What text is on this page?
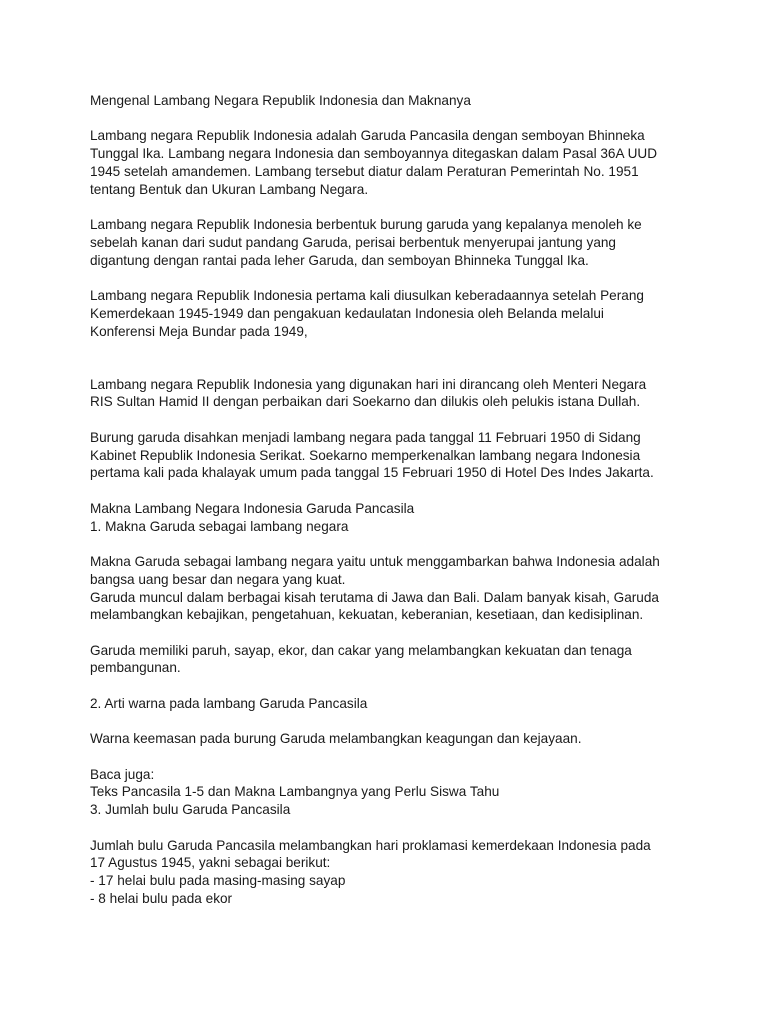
Mengenal Lambang Negara Republik Indonesia dan Maknanya
Lambang negara Republik Indonesia adalah Garuda Pancasila dengan semboyan Bhinneka
Tunggal Ika. Lambang negara Indonesia dan semboyannya ditegaskan dalam Pasal 36A UUD
1945 setelah amandemen. Lambang tersebut diatur dalam Peraturan Pemerintah No. 1951
tentang Bentuk dan Ukuran Lambang Negara.
Lambang negara Republik Indonesia berbentuk burung garuda yang kepalanya menoleh ke
sebelah kanan dari sudut pandang Garuda, perisai berbentuk menyerupai jantung yang
digantung dengan rantai pada leher Garuda, dan semboyan Bhinneka Tunggal Ika.
Lambang negara Republik Indonesia pertama kali diusulkan keberadaannya setelah Perang
Kemerdekaan 1945-1949 dan pengakuan kedaulatan Indonesia oleh Belanda melalui
Konferensi Meja Bundar pada 1949,
Lambang negara Republik Indonesia yang digunakan hari ini dirancang oleh Menteri Negara
RIS Sultan Hamid II dengan perbaikan dari Soekarno dan dilukis oleh pelukis istana Dullah.
Burung garuda disahkan menjadi lambang negara pada tanggal 11 Februari 1950 di Sidang
Kabinet Republik Indonesia Serikat. Soekarno memperkenalkan lambang negara Indonesia
pertama kali pada khalayak umum pada tanggal 15 Februari 1950 di Hotel Des Indes Jakarta.
Makna Lambang Negara Indonesia Garuda Pancasila
1. Makna Garuda sebagai lambang negara
Makna Garuda sebagai lambang negara yaitu untuk menggambarkan bahwa Indonesia adalah
bangsa uang besar dan negara yang kuat.
Garuda muncul dalam berbagai kisah terutama di Jawa dan Bali. Dalam banyak kisah, Garuda
melambangkan kebajikan, pengetahuan, kekuatan, keberanian, kesetiaan, dan kedisiplinan.
Garuda memiliki paruh, sayap, ekor, dan cakar yang melambangkan kekuatan dan tenaga
pembangunan.
2. Arti warna pada lambang Garuda Pancasila
Warna keemasan pada burung Garuda melambangkan keagungan dan kejayaan.
Baca juga:
Teks Pancasila 1-5 dan Makna Lambangnya yang Perlu Siswa Tahu
3. Jumlah bulu Garuda Pancasila
Jumlah bulu Garuda Pancasila melambangkan hari proklamasi kemerdekaan Indonesia pada
17 Agustus 1945, yakni sebagai berikut:
- 17 helai bulu pada masing-masing sayap
- 8 helai bulu pada ekor
